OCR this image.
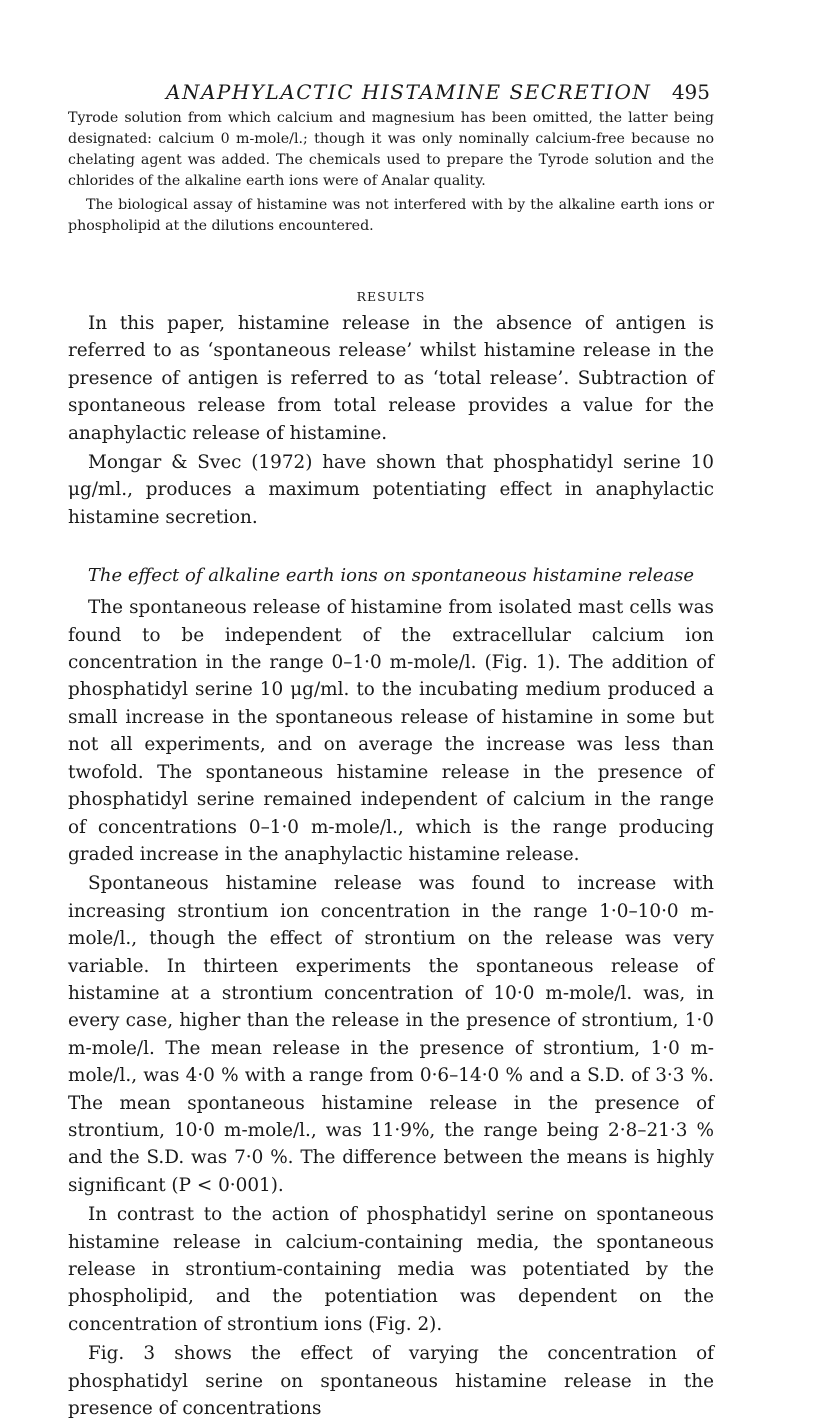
ANAPHYLACTIC HISTAMINE SECRETION 495

Tyrode solution from which calcium and magnesium has been omitted, the latter being designated: calcium 0 m-mole/l.; though it was only nominally calcium-free because no chelating agent was added. The chemicals used to prepare the Tyrode solution and the chlorides of the alkaline earth ions were of Analar quality.

The biological assay of histamine was not interfered with by the alkaline earth ions or phospholipid at the dilutions encountered.

RESULTS

In this paper, histamine release in the absence of antigen is referred to as ‘spontaneous release’ whilst histamine release in the presence of antigen is referred to as ‘total release’. Subtraction of spontaneous release from total release provides a value for the anaphylactic release of histamine.

Mongar & Svec (1972) have shown that phosphatidyl serine 10 μg/ml., produces a maximum potentiating effect in anaphylactic histamine secretion.

The effect of alkaline earth ions on spontaneous histamine release

The spontaneous release of histamine from isolated mast cells was found to be independent of the extracellular calcium ion concentration in the range 0–1·0 m-mole/l. (Fig. 1). The addition of phosphatidyl serine 10 μg/ml. to the incubating medium produced a small increase in the spontaneous release of histamine in some but not all experiments, and on average the increase was less than twofold. The spontaneous histamine release in the presence of phosphatidyl serine remained independent of calcium in the range of concentrations 0–1·0 m-mole/l., which is the range producing graded increase in the anaphylactic histamine release.

Spontaneous histamine release was found to increase with increasing strontium ion concentration in the range 1·0–10·0 m-mole/l., though the effect of strontium on the release was very variable. In thirteen experiments the spontaneous release of histamine at a strontium concentration of 10·0 m-mole/l. was, in every case, higher than the release in the presence of strontium, 1·0 m-mole/l. The mean release in the presence of strontium, 1·0 m-mole/l., was 4·0 % with a range from 0·6–14·0 % and a S.D. of 3·3 %. The mean spontaneous histamine release in the presence of strontium, 10·0 m-mole/l., was 11·9%, the range being 2·8–21·3 % and the S.D. was 7·0 %. The difference between the means is highly significant (P < 0·001).

In contrast to the action of phosphatidyl serine on spontaneous histamine release in calcium-containing media, the spontaneous release in strontium-containing media was potentiated by the phospholipid, and the potentiation was dependent on the concentration of strontium ions (Fig. 2).

Fig. 3 shows the effect of varying the concentration of phosphatidyl serine on spontaneous histamine release in the presence of concentrations
